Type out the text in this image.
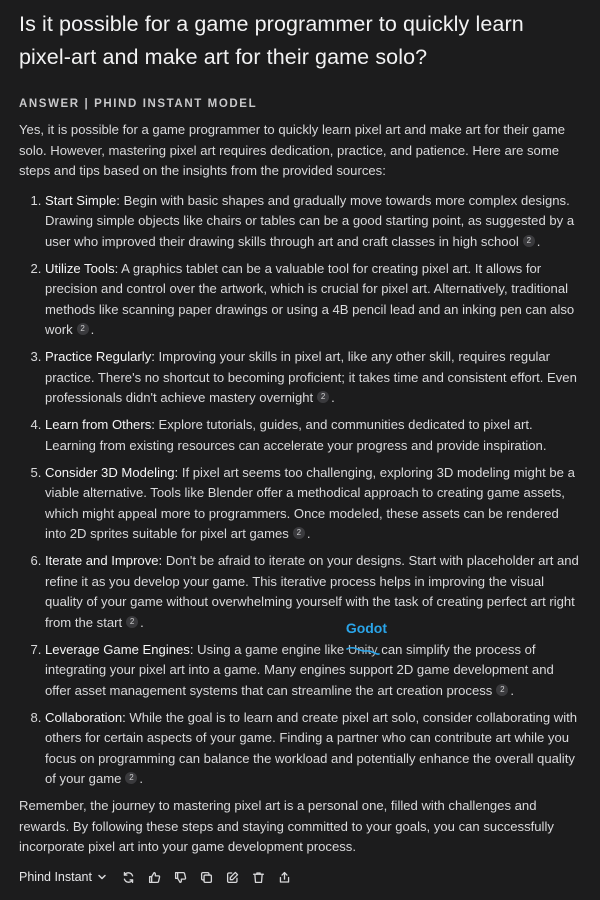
Is it possible for a game programmer to quickly learn pixel-art and make art for their game solo?
ANSWER | PHIND INSTANT MODEL

Yes, it is possible for a game programmer to quickly learn pixel art and make art for their game solo. However, mastering pixel art requires dedication, practice, and patience. Here are some steps and tips based on the insights from the provided sources:

1. Start Simple: Begin with basic shapes and gradually move towards more complex designs. Drawing simple objects like chairs or tables can be a good starting point, as suggested by a user who improved their drawing skills through art and craft classes in high school 2 .
2. Utilize Tools: A graphics tablet can be a valuable tool for creating pixel art. It allows for precision and control over the artwork, which is crucial for pixel art. Alternatively, traditional methods like scanning paper drawings or using a 4B pencil lead and an inking pen can also work 2 .
3. Practice Regularly: Improving your skills in pixel art, like any other skill, requires regular practice. There's no shortcut to becoming proficient; it takes time and consistent effort. Even professionals didn't achieve mastery overnight 2 .
4. Learn from Others: Explore tutorials, guides, and communities dedicated to pixel art. Learning from existing resources can accelerate your progress and provide inspiration.
5. Consider 3D Modeling: If pixel art seems too challenging, exploring 3D modeling might be a viable alternative. Tools like Blender offer a methodical approach to creating game assets, which might appeal more to programmers. Once modeled, these assets can be rendered into 2D sprites suitable for pixel art games 2 .
6. Iterate and Improve: Don't be afraid to iterate on your designs. Start with placeholder art and refine it as you develop your game. This iterative process helps in improving the visual quality of your game without overwhelming yourself with the task of creating perfect art right from the start 2 .
7. Leverage Game Engines: Using a game engine like
Godot
Unity
can simplify the process of integrating your pixel art into a game. Many engines support 2D game development and offer asset management systems that can streamline the art creation process 2 .
8. Collaboration: While the goal is to learn and create pixel art solo, consider collaborating with others for certain aspects of your game. Finding a partner who can contribute art while you focus on programming can balance the workload and potentially enhance the overall quality of your game 2 .

Remember, the journey to mastering pixel art is a personal one, filled with challenges and rewards. By following these steps and staying committed to your goals, you can successfully incorporate pixel art into your game development process.

Phind Instant
